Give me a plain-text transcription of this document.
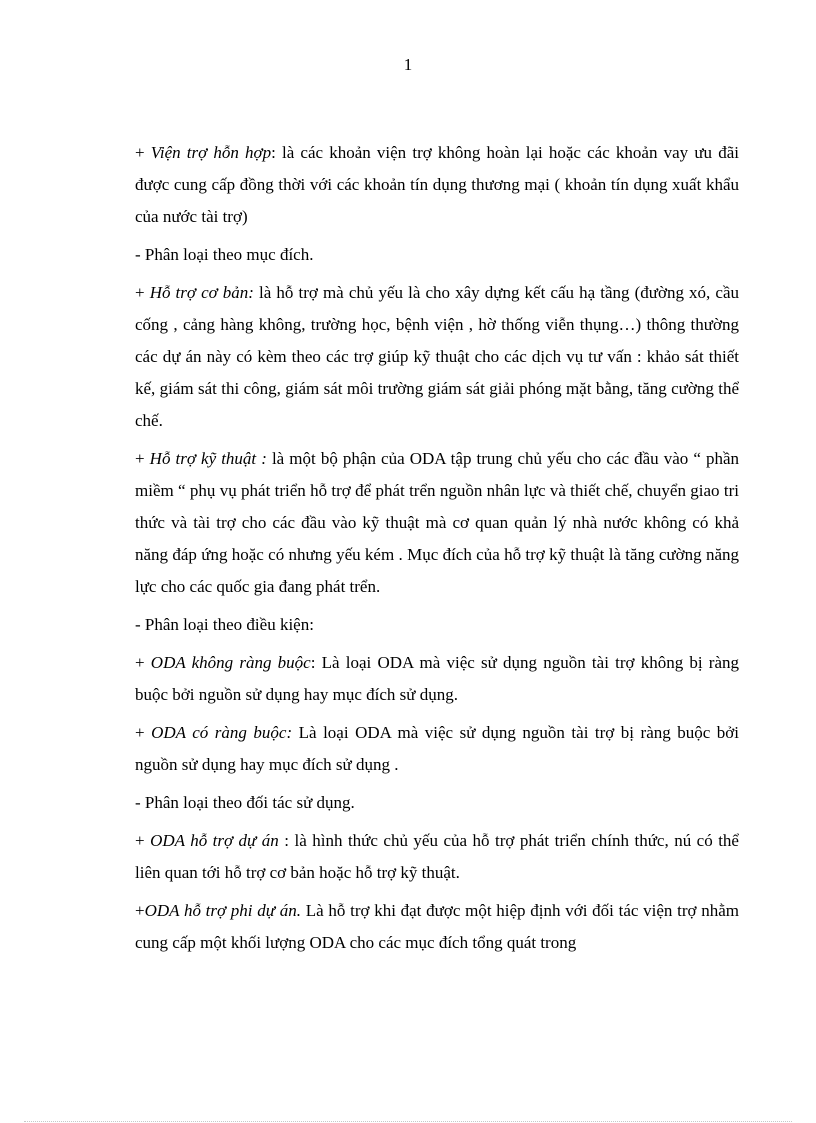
1

+ Viện trợ hỗn hợp: là các khoản viện trợ không hoàn lại hoặc các khoản vay ưu đãi được cung cấp đồng thời với các khoản tín dụng thương mại ( khoản tín dụng xuất khẩu của nước tài trợ)

- Phân loại theo mục đích.

+ Hỗ trợ cơ bản: là hỗ trợ mà chủ yếu là cho xây dựng kết cấu hạ tầng (đường xó, cầu cống , cảng hàng không, trường học, bệnh viện , hờ thống viễn thụng…) thông thường các dự án này có kèm theo các trợ giúp kỹ thuật cho các dịch vụ tư vấn : khảo sát thiết kế, giám sát thi công, giám sát môi trường giám sát giải phóng mặt bằng, tăng cường thể chế.

+ Hỗ trợ kỹ thuật : là một bộ phận của ODA tập trung chủ yếu cho các đầu vào “ phần miềm “ phụ vụ phát triển hỗ trợ để phát trển nguồn nhân lực và thiết chế, chuyển giao tri thức và tài trợ cho các đầu vào kỹ thuật mà cơ quan quản lý nhà nước không có khả năng đáp ứng hoặc có nhưng yếu kém . Mục đích của hỗ trợ kỹ thuật là tăng cường năng lực cho các quốc gia đang phát trển.

- Phân loại theo điều kiện:

+ ODA không ràng buộc: Là loại ODA mà việc sử dụng nguồn tài trợ không bị ràng buộc bởi nguồn sử dụng hay mục đích sử dụng.

+ ODA có ràng buộc: Là loại ODA mà việc sử dụng nguồn tài trợ bị ràng buộc bởi nguồn sử dụng hay mục đích sử dụng .

- Phân loại theo đối tác sử dụng.

+ ODA hỗ trợ dự án : là hình thức chủ yếu của hỗ trợ phát triển chính thức, nú có thể liên quan tới hỗ trợ cơ bản hoặc hỗ trợ kỹ thuật.

+ODA hỗ trợ phi dự án. Là hỗ trợ khi đạt được một hiệp định với đối tác viện trợ nhằm cung cấp một khối lượng ODA cho các mục đích tổng quát trong
